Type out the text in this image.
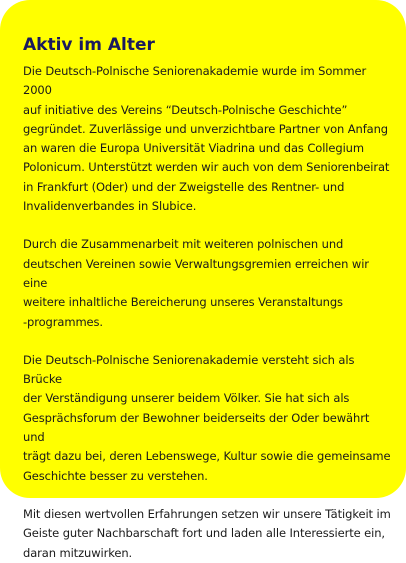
Aktiv im Alter

Die Deutsch-Polnische Seniorenakademie wurde im Sommer 2000
auf initiative des Vereins “Deutsch-Polnische Geschichte”
gegründet. Zuverlässige und unverzichtbare Partner von Anfang
an waren die Europa Universität Viadrina und das Collegium
Polonicum. Unterstützt werden wir auch von dem Seniorenbeirat
in Frankfurt (Oder) und der Zweigstelle des Rentner- und
Invalidenverbandes in Slubice.

Durch die Zusammenarbeit mit weiteren polnischen und
deutschen Vereinen sowie Verwaltungsgremien erreichen wir eine
weitere inhaltliche Bereicherung unseres Veranstaltungs
-programmes.

Die Deutsch-Polnische Seniorenakademie versteht sich als Brücke
der Verständigung unserer beidem Völker. Sie hat sich als
Gesprächsforum der Bewohner beiderseits der Oder bewährt und
trägt dazu bei, deren Lebenswege, Kultur sowie die gemeinsame
Geschichte besser zu verstehen.

Mit diesen wertvollen Erfahrungen setzen wir unsere Tätigkeit im
Geiste guter Nachbarschaft fort und laden alle Interessierte ein,
daran mitzuwirken.
